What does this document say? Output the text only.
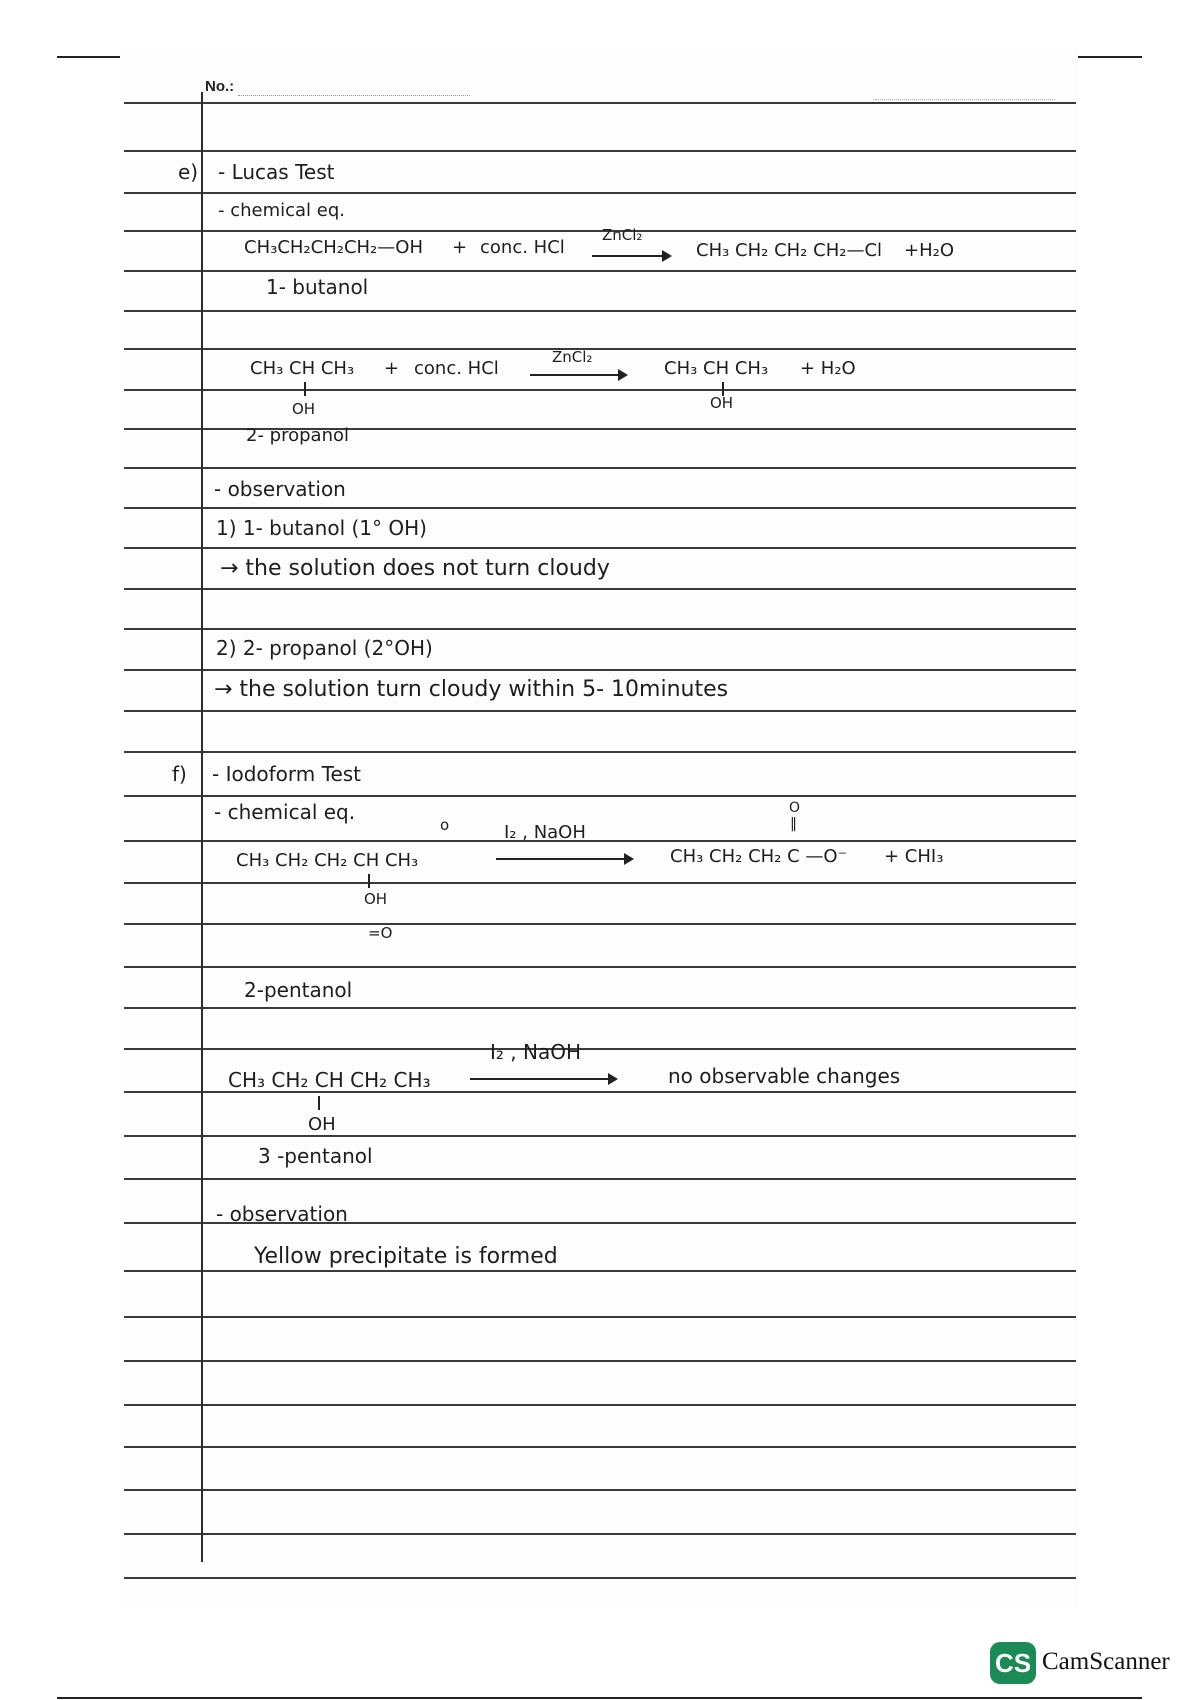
No.:
e) - Lucas Test
- chemical eq.
CH₃CH₂CH₂CH₂—OH + conc. HCl
ZnCl₂
CH₃ CH₂ CH₂ CH₂—Cl +H₂O
1- butanol
CH₃ CH CH₃
OH
+ conc. HCl
ZnCl₂
CH₃ CH CH₃
OH
+ H₂O
2- propanol
- observation
1) 1- butanol (1° OH)
→ the solution does not turn cloudy
2) 2- propanol (2°OH)
→ the solution turn cloudy within 5- 10minutes
f) - Iodoform Test
- chemical eq.
o
CH₃ CH₂ CH₂ CH CH₃
OH
=O
I₂ , NaOH
O
‖
CH₃ CH₂ CH₂ C —O⁻ + CHI₃
2-pentanol
CH₃ CH₂ CH CH₂ CH₃
OH
I₂ , NaOH
no observable changes
3 -pentanol
- observation
Yellow precipitate is formed
CS CamScanner
